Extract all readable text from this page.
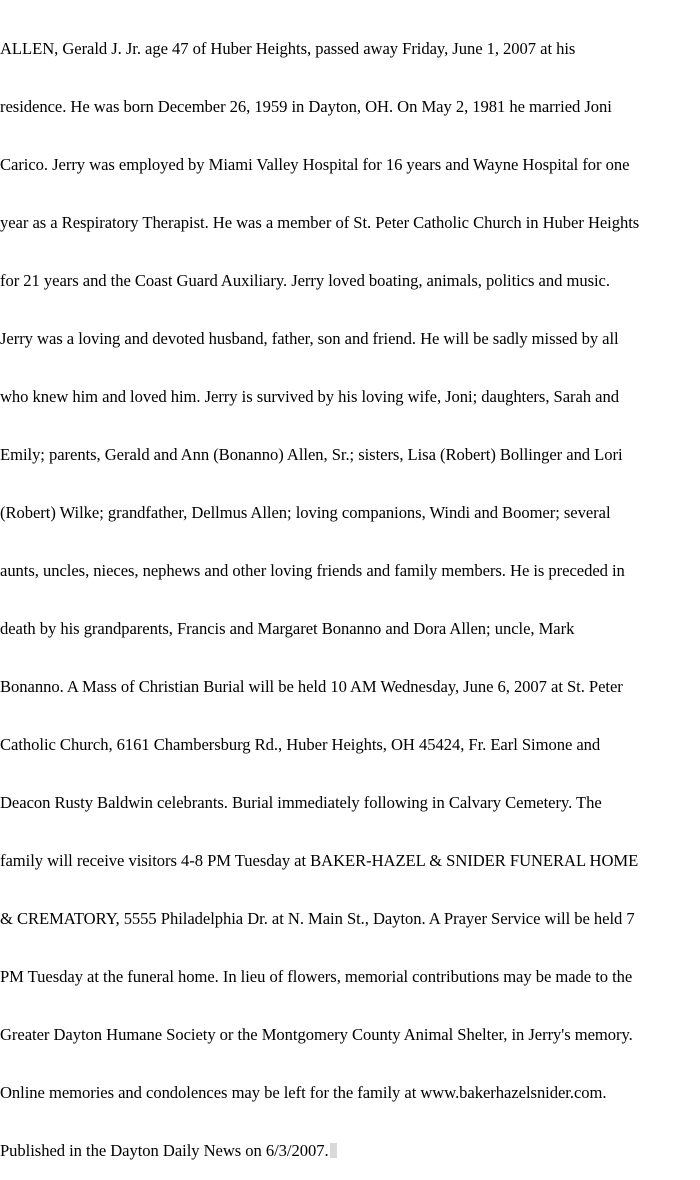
ALLEN, Gerald J. Jr. age 47 of Huber Heights, passed away Friday, June 1, 2007 at his

residence. He was born December 26, 1959 in Dayton, OH. On May 2, 1981 he married Joni

Carico. Jerry was employed by Miami Valley Hospital for 16 years and Wayne Hospital for one

year as a Respiratory Therapist. He was a member of St. Peter Catholic Church in Huber Heights

for 21 years and the Coast Guard Auxiliary. Jerry loved boating, animals, politics and music.

Jerry was a loving and devoted husband, father, son and friend. He will be sadly missed by all

who knew him and loved him. Jerry is survived by his loving wife, Joni; daughters, Sarah and

Emily; parents, Gerald and Ann (Bonanno) Allen, Sr.; sisters, Lisa (Robert) Bollinger and Lori

(Robert) Wilke; grandfather, Dellmus Allen; loving companions, Windi and Boomer; several

aunts, uncles, nieces, nephews and other loving friends and family members. He is preceded in

death by his grandparents, Francis and Margaret Bonanno and Dora Allen; uncle, Mark

Bonanno. A Mass of Christian Burial will be held 10 AM Wednesday, June 6, 2007 at St. Peter

Catholic Church, 6161 Chambersburg Rd., Huber Heights, OH 45424, Fr. Earl Simone and

Deacon Rusty Baldwin celebrants. Burial immediately following in Calvary Cemetery. The

family will receive visitors 4-8 PM Tuesday at BAKER-HAZEL & SNIDER FUNERAL HOME

& CREMATORY, 5555 Philadelphia Dr. at N. Main St., Dayton. A Prayer Service will be held 7

PM Tuesday at the funeral home. In lieu of flowers, memorial contributions may be made to the

Greater Dayton Humane Society or the Montgomery County Animal Shelter, in Jerry's memory.

Online memories and condolences may be left for the family at www.bakerhazelsnider.com.

Published in the Dayton Daily News on 6/3/2007.
